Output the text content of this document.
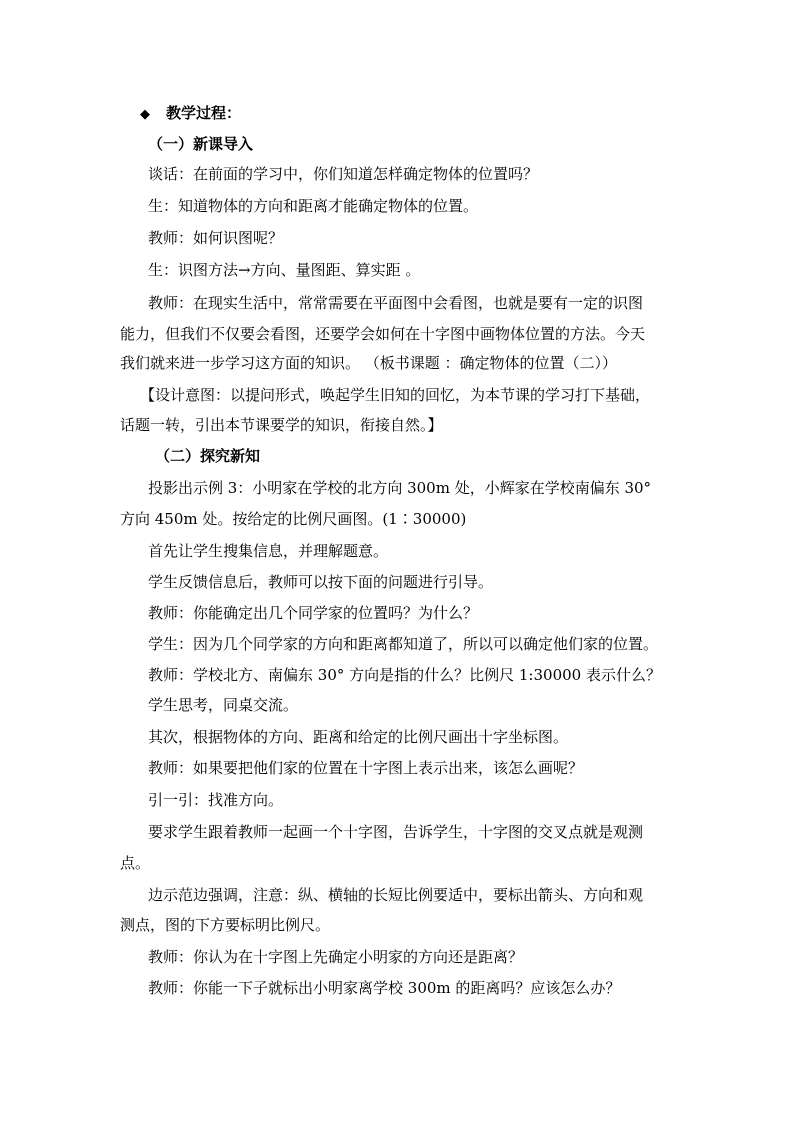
◆ 教学过程：
（一）新课导入
谈话：在前面的学习中，你们知道怎样确定物体的位置吗？
生：知道物体的方向和距离才能确定物体的位置。
教师：如何识图呢？
生：识图方法→方向、量图距、算实距 。
教师：在现实生活中，常常需要在平面图中会看图，也就是要有一定的识图
能力，但我们不仅要会看图，还要学会如何在十字图中画物体位置的方法。今天
我们就来进一步学习这方面的知识。 （板书课题 ：确定物体的位置（二））
【设计意图：以提问形式，唤起学生旧知的回忆，为本节课的学习打下基础，
话题一转，引出本节课要学的知识，衔接自然。】
（二）探究新知
投影出示例 3：小明家在学校的北方向 300m 处，小辉家在学校南偏东 30°
方向 450m 处。按给定的比例尺画图。(1∶30000)
首先让学生搜集信息，并理解题意。
学生反馈信息后，教师可以按下面的问题进行引导。
教师：你能确定出几个同学家的位置吗？为什么？
学生：因为几个同学家的方向和距离都知道了，所以可以确定他们家的位置。
教师：学校北方、南偏东 30° 方向是指的什么？比例尺 1:30000 表示什么？
学生思考，同桌交流。
其次，根据物体的方向、距离和给定的比例尺画出十字坐标图。
教师：如果要把他们家的位置在十字图上表示出来，该怎么画呢？
引一引：找准方向。
要求学生跟着教师一起画一个十字图，告诉学生，十字图的交叉点就是观测
点。
边示范边强调，注意：纵、横轴的长短比例要适中，要标出箭头、方向和观
测点，图的下方要标明比例尺。
教师：你认为在十字图上先确定小明家的方向还是距离？
教师：你能一下子就标出小明家离学校 300m 的距离吗？应该怎么办？
